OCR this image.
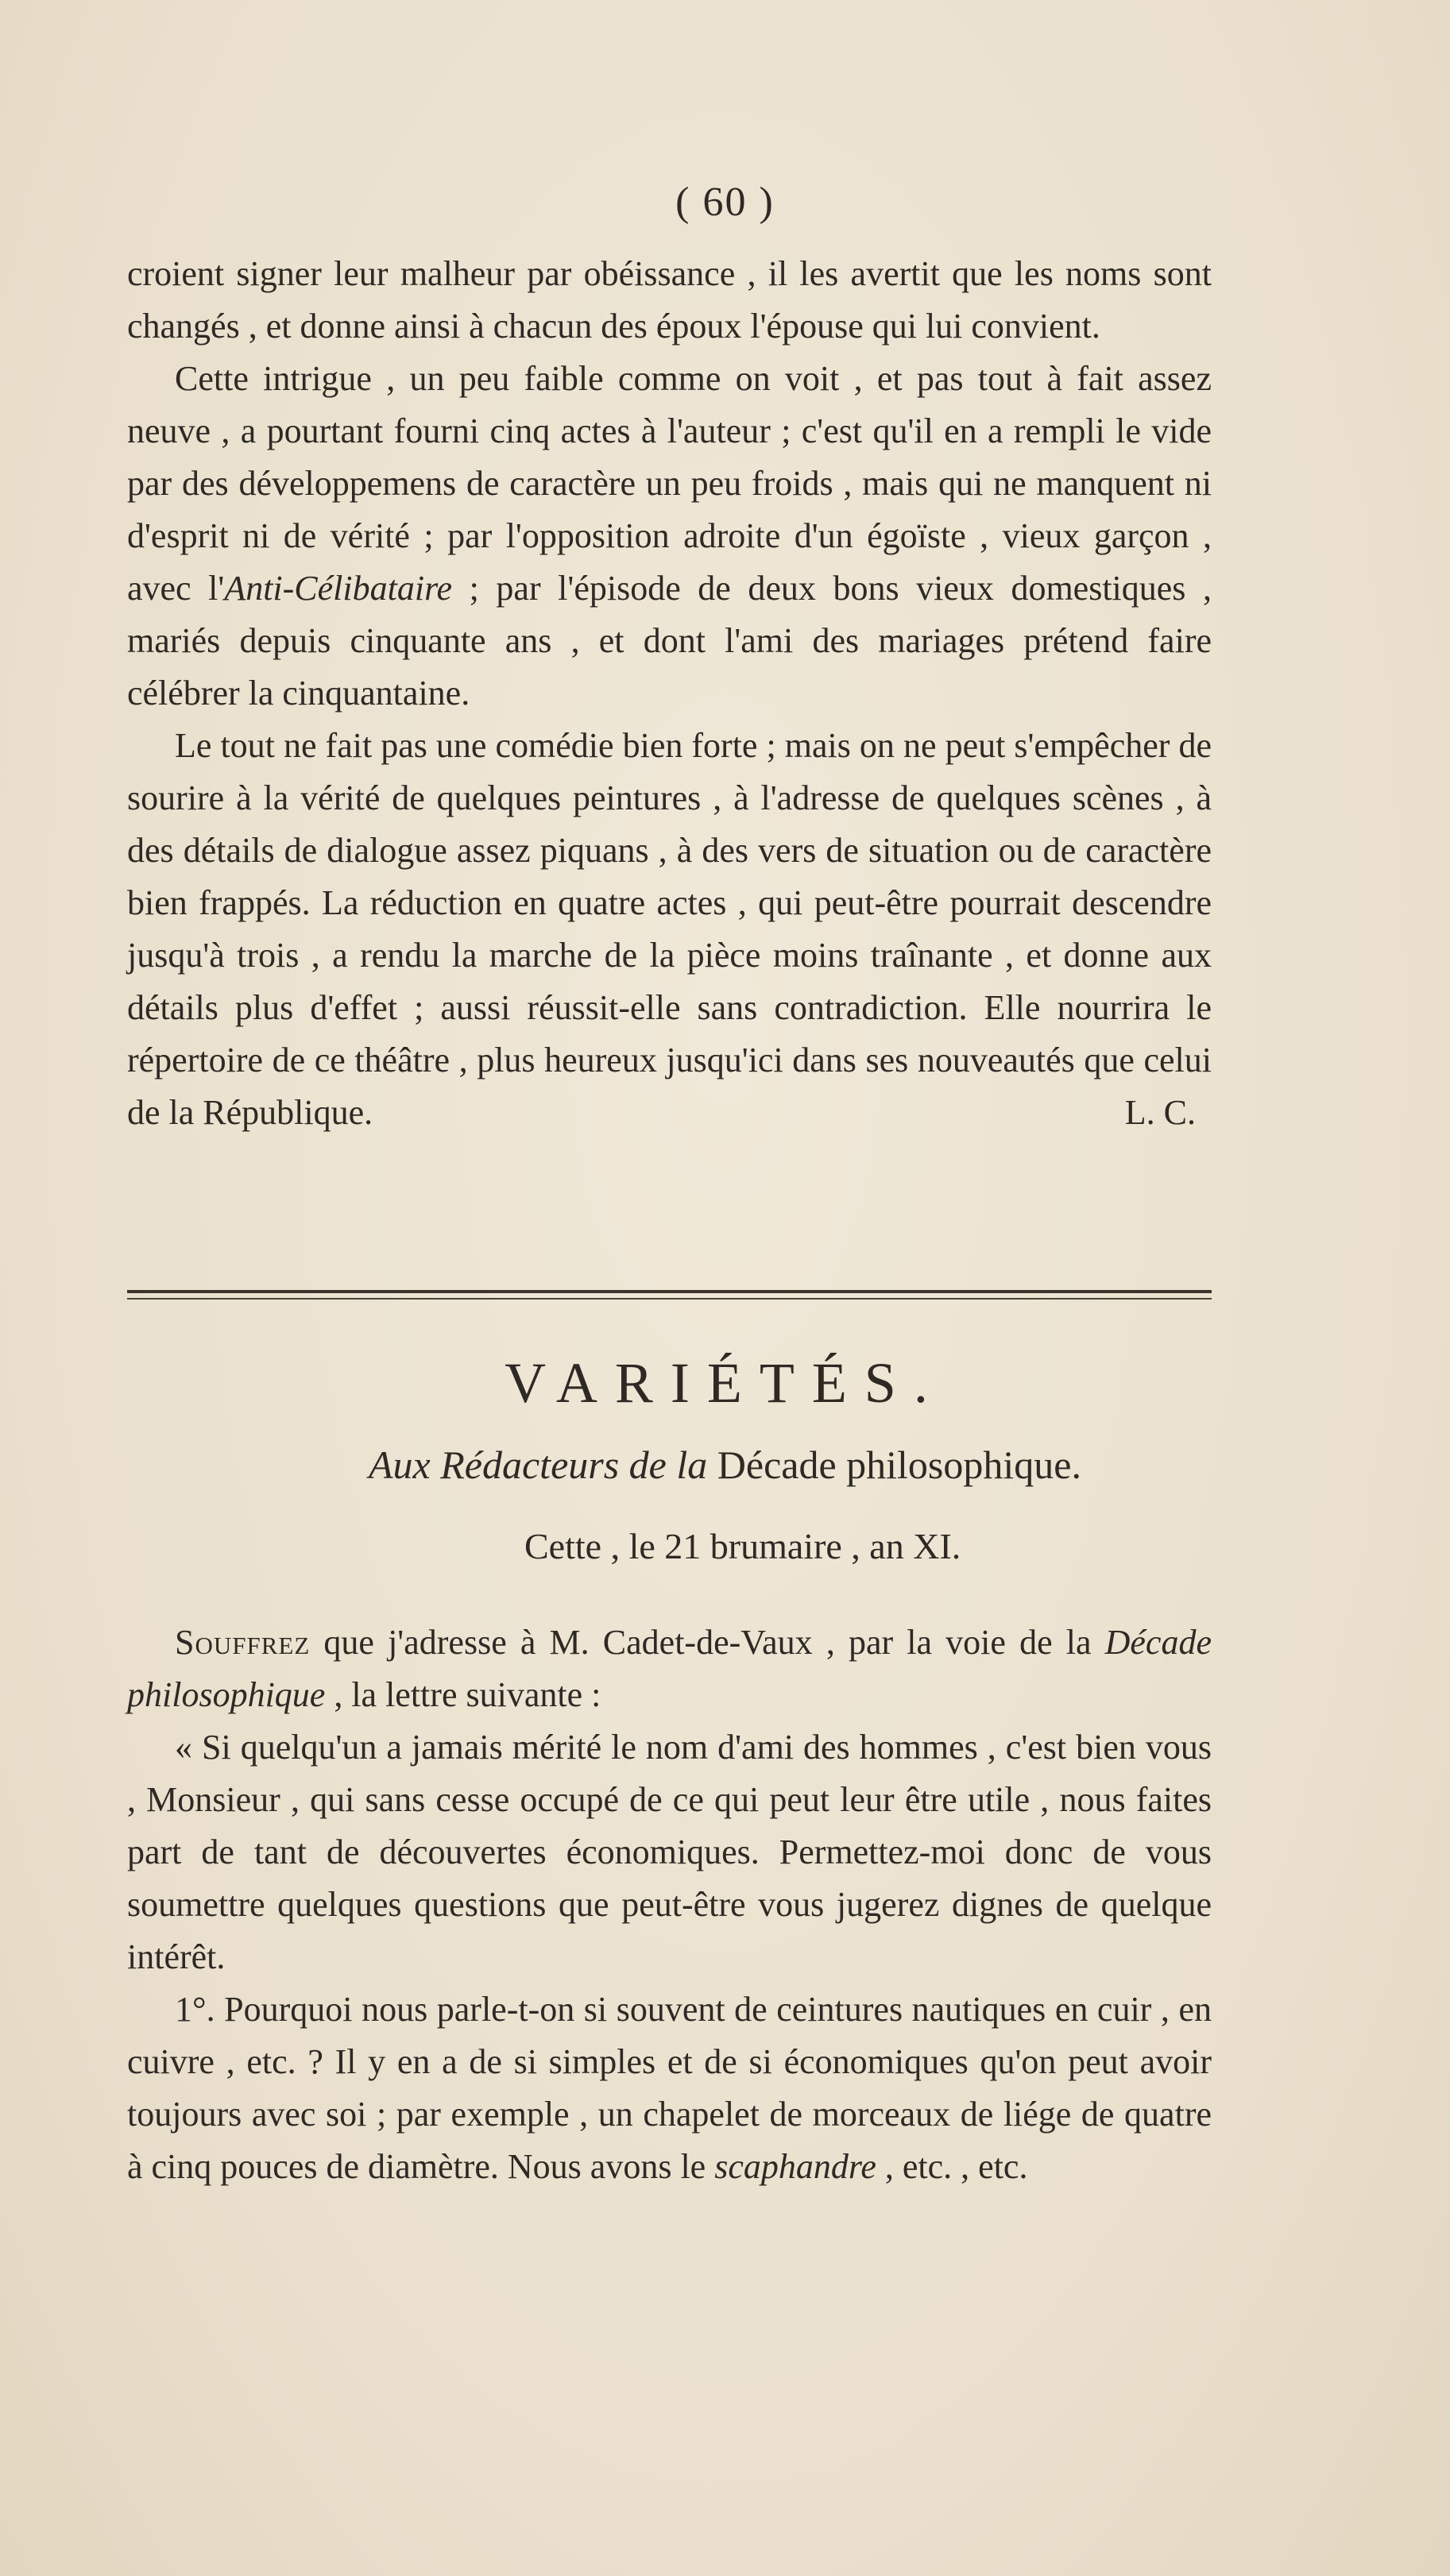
( 60 )

croient signer leur malheur par obéissance , il les avertit que les noms sont changés , et donne ainsi à chacun des époux l'épouse qui lui convient.

Cette intrigue , un peu faible comme on voit , et pas tout à fait assez neuve , a pourtant fourni cinq actes à l'auteur ; c'est qu'il en a rempli le vide par des développemens de caractère un peu froids , mais qui ne manquent ni d'esprit ni de vérité ; par l'opposition adroite d'un égoïste , vieux garçon , avec l'Anti-Célibataire ; par l'épisode de deux bons vieux domestiques , mariés depuis cinquante ans , et dont l'ami des mariages prétend faire célébrer la cinquantaine.

Le tout ne fait pas une comédie bien forte ; mais on ne peut s'empêcher de sourire à la vérité de quelques peintures , à l'adresse de quelques scènes , à des détails de dialogue assez piquans , à des vers de situation ou de caractère bien frappés. La réduction en quatre actes , qui peut-être pourrait descendre jusqu'à trois , a rendu la marche de la pièce moins traînante , et donne aux détails plus d'effet ; aussi réussit-elle sans contradiction. Elle nourrira le répertoire de ce théâtre , plus heureux jusqu'ici dans ses nouveautés que celui de la République.	L. C.

VARIÉTÉS.
Aux Rédacteurs de la Décade philosophique.
Cette , le 21 brumaire , an XI.

Souffrez que j'adresse à M. Cadet-de-Vaux , par la voie de la Décade philosophique , la lettre suivante :

« Si quelqu'un a jamais mérité le nom d'ami des hommes , c'est bien vous , Monsieur , qui sans cesse occupé de ce qui peut leur être utile , nous faites part de tant de découvertes économiques. Permettez-moi donc de vous soumettre quelques questions que peut-être vous jugerez dignes de quelque intérêt.

1°. Pourquoi nous parle-t-on si souvent de ceintures nautiques en cuir , en cuivre , etc. ? Il y en a de si simples et de si économiques qu'on peut avoir toujours avec soi ; par exemple , un chapelet de morceaux de liége de quatre à cinq pouces de diamètre. Nous avons le scaphandre , etc. , etc.
